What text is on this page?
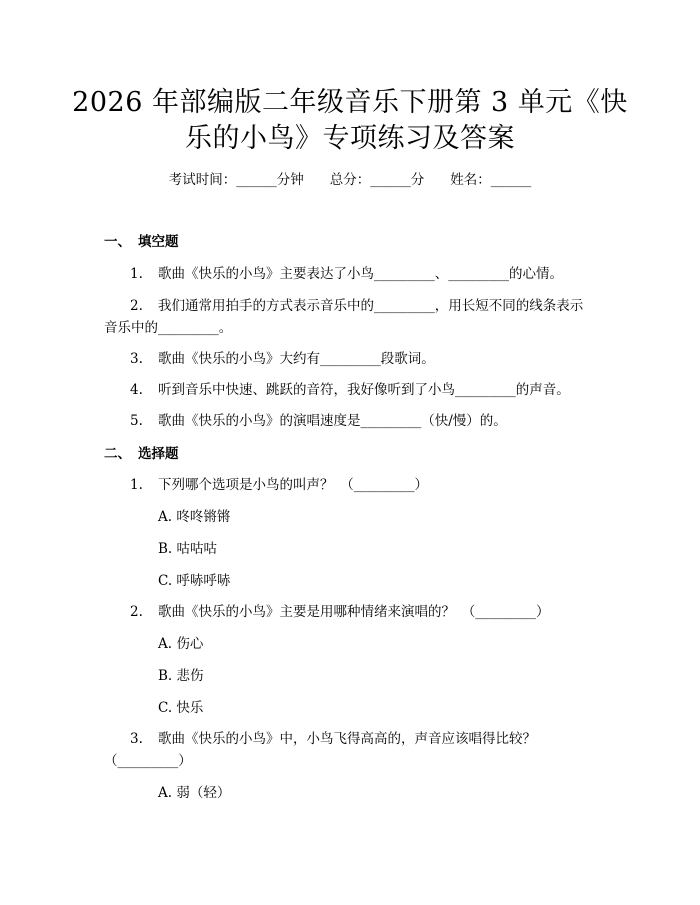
2026 年部编版二年级音乐下册第 3 单元《快
乐的小鸟》专项练习及答案
考试时间：______分钟 总分：______分 姓名：______
一、 填空题
1. 歌曲《快乐的小鸟》主要表达了小鸟_________、_________的心情。
2. 我们通常用拍手的方式表示音乐中的_________，用长短不同的线条表示
音乐中的_________。
3. 歌曲《快乐的小鸟》大约有_________段歌词。
4. 听到音乐中快速、跳跃的音符，我好像听到了小鸟_________的声音。
5. 歌曲《快乐的小鸟》的演唱速度是_________（快/慢）的。
二、 选择题
1. 下列哪个选项是小鸟的叫声？　（_________）
A. 咚咚锵锵
B. 咕咕咕
C. 呼哧呼哧
2. 歌曲《快乐的小鸟》主要是用哪种情绪来演唱的？　（_________）
A. 伤心
B. 悲伤
C. 快乐
3. 歌曲《快乐的小鸟》中，小鸟飞得高高的，声音应该唱得比较？
（_________）
A. 弱（轻）
